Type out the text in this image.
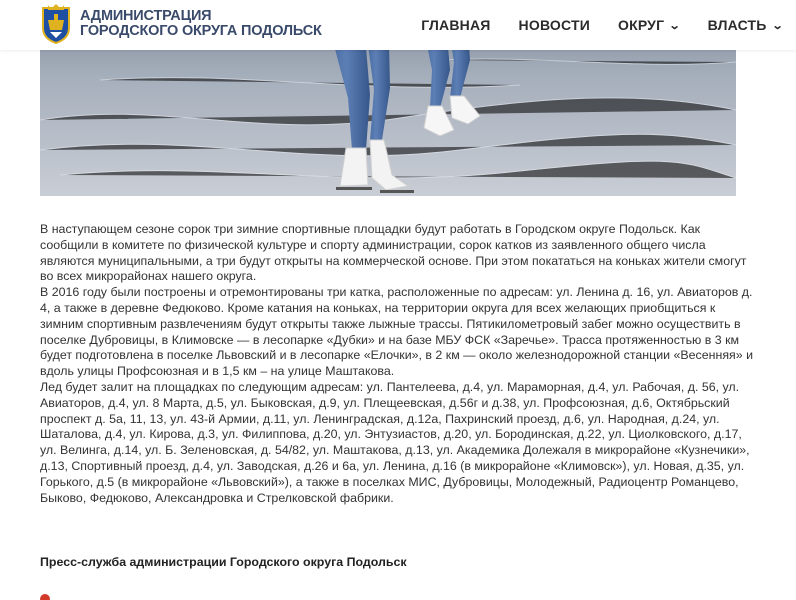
АДМИНИСТРАЦИЯ
ГОРОДСКОГО ОКРУГА ПОДОЛЬСК	ГЛАВНАЯ НОВОСТИ ОКРУГ ⌄ ВЛАСТЬ ⌄

В наступающем сезоне сорок три зимние спортивные площадки будут работать в Городском округе Подольск. Как сообщили в комитете по физической культуре и спорту администрации, сорок катков из заявленного общего числа являются муниципальными, а три будут открыты на коммерческой основе. При этом покататься на коньках жители смогут во всех микрорайонах нашего округа.

В 2016 году были построены и отремонтированы три катка, расположенные по адресам: ул. Ленина д. 16, ул. Авиаторов д. 4, а также в деревне Федюково. Кроме катания на коньках, на территории округа для всех желающих приобщиться к зимним спортивным развлечениям будут открыты также лыжные трассы. Пятикилометровый забег можно осуществить в поселке Дубровицы, в Климовске — в лесопарке «Дубки» и на базе МБУ ФСК «Заречье». Трасса протяженностью в 3 км будет подготовлена в поселке Львовский и в лесопарке «Елочки», в 2 км — около железнодорожной станции «Весенняя» и вдоль улицы Профсоюзная и в 1,5 км – на улице Маштакова.

Лед будет залит на площадках по следующим адресам: ул. Пантелеева, д.4, ул. Мараморная, д.4, ул. Рабочая, д. 56, ул. Авиаторов, д.4, ул. 8 Марта, д.5, ул. Быковская, д.9, ул. Плещеевская, д.56г и д.38, ул. Профсоюзная, д.6, Октябрьский проспект д. 5а, 11, 13, ул. 43-й Армии, д.11, ул. Ленинградская, д.12а, Пахринский проезд, д.6, ул. Народная, д.24, ул. Шаталова, д.4, ул. Кирова, д.3, ул. Филиппова, д.20, ул. Энтузиастов, д.20, ул. Бородинская, д.22, ул. Циолковского, д.17, ул. Велинга, д.14, ул. Б. Зеленовская, д. 54/82, ул. Маштакова, д.13, ул. Академика Долежаля в микрорайоне «Кузнечики», д.13, Спортивный проезд, д.4, ул. Заводская, д.26 и 6а, ул. Ленина, д.16 (в микрорайоне «Климовск»), ул. Новая, д.35, ул. Горького, д.5 (в микрорайоне «Львовский»), а также в поселках МИС, Дубровицы, Молодежный, Радиоцентр Романцево, Быково, Федюково, Александровка и Стрелковской фабрики.

Пресс-служба администрации Городского округа Подольск
